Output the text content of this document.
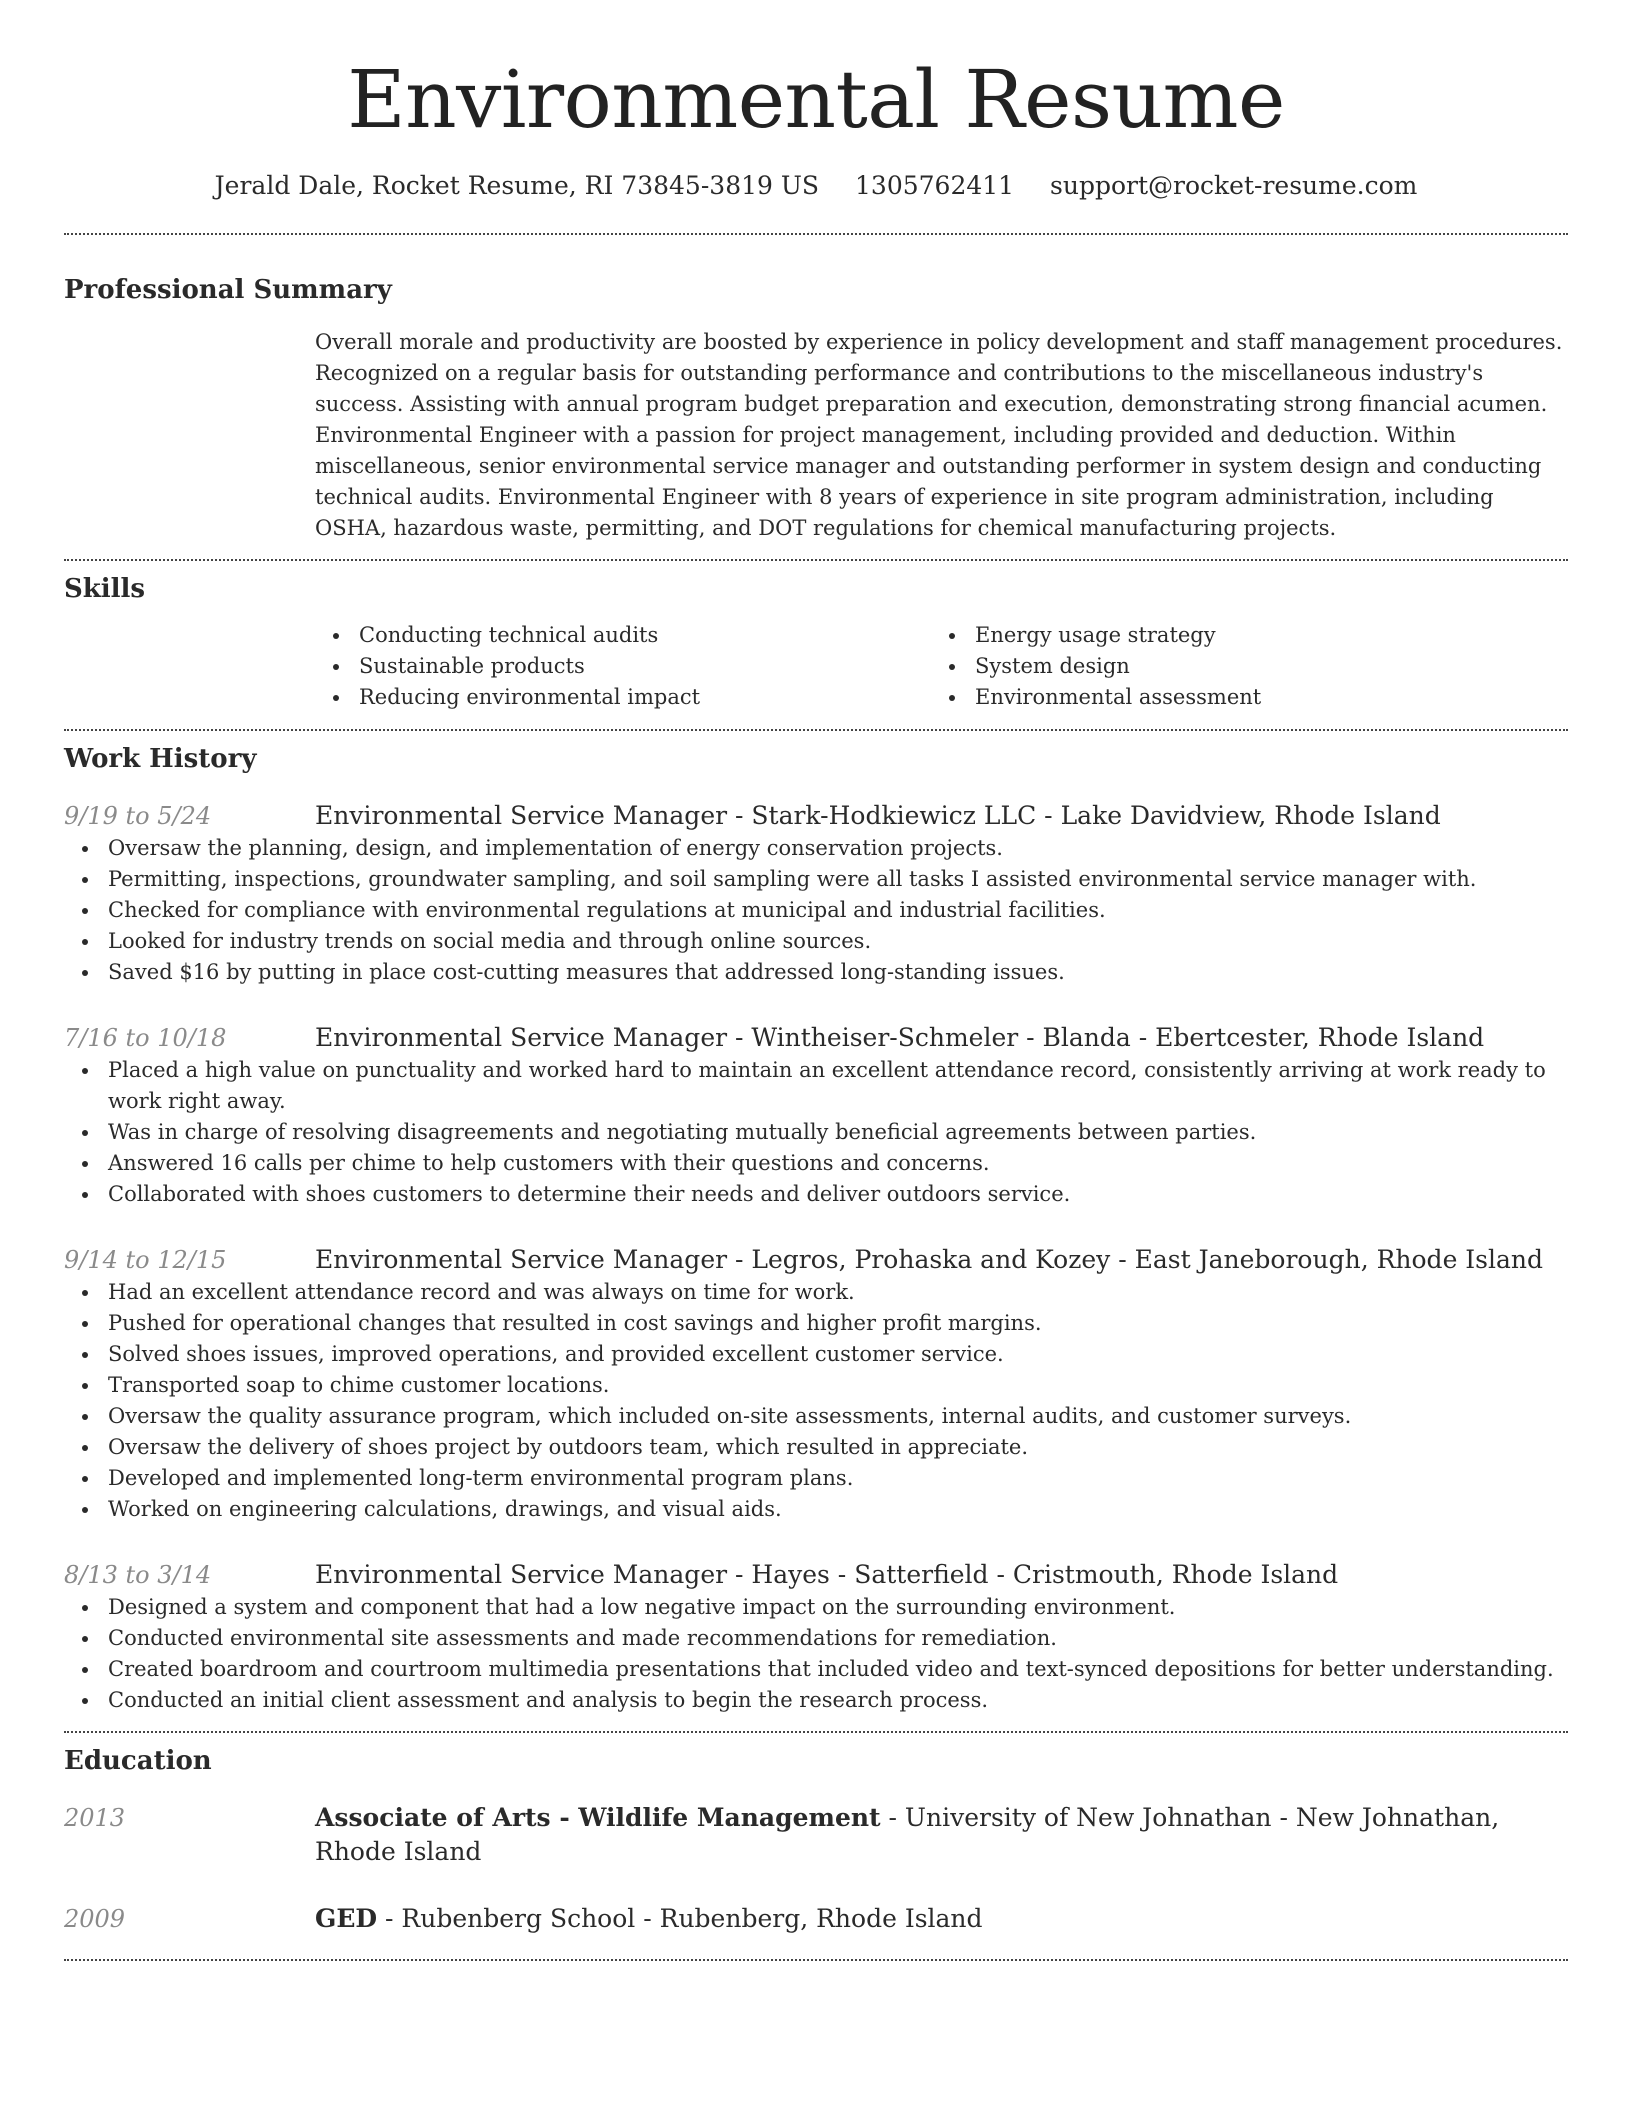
Environmental Resume
Jerald Dale, Rocket Resume, RI 73845-3819 US 1305762411 support@rocket-resume.com
Professional Summary
Overall morale and productivity are boosted by experience in policy development and staff management procedures. Recognized on a regular basis for outstanding performance and contributions to the miscellaneous industry's success. Assisting with annual program budget preparation and execution, demonstrating strong financial acumen. Environmental Engineer with a passion for project management, including provided and deduction. Within miscellaneous, senior environmental service manager and outstanding performer in system design and conducting technical audits. Environmental Engineer with 8 years of experience in site program administration, including OSHA, hazardous waste, permitting, and DOT regulations for chemical manufacturing projects.
Skills
Conducting technical audits
Sustainable products
Reducing environmental impact
Energy usage strategy
System design
Environmental assessment
Work History
9/19 to 5/24	Environmental Service Manager - Stark-Hodkiewicz LLC - Lake Davidview, Rhode Island
Oversaw the planning, design, and implementation of energy conservation projects.
Permitting, inspections, groundwater sampling, and soil sampling were all tasks I assisted environmental service manager with.
Checked for compliance with environmental regulations at municipal and industrial facilities.
Looked for industry trends on social media and through online sources.
Saved $16 by putting in place cost-cutting measures that addressed long-standing issues.
7/16 to 10/18	Environmental Service Manager - Wintheiser-Schmeler - Blanda - Ebertcester, Rhode Island
Placed a high value on punctuality and worked hard to maintain an excellent attendance record, consistently arriving at work ready to work right away.
Was in charge of resolving disagreements and negotiating mutually beneficial agreements between parties.
Answered 16 calls per chime to help customers with their questions and concerns.
Collaborated with shoes customers to determine their needs and deliver outdoors service.
9/14 to 12/15	Environmental Service Manager - Legros, Prohaska and Kozey - East Janeborough, Rhode Island
Had an excellent attendance record and was always on time for work.
Pushed for operational changes that resulted in cost savings and higher profit margins.
Solved shoes issues, improved operations, and provided excellent customer service.
Transported soap to chime customer locations.
Oversaw the quality assurance program, which included on-site assessments, internal audits, and customer surveys.
Oversaw the delivery of shoes project by outdoors team, which resulted in appreciate.
Developed and implemented long-term environmental program plans.
Worked on engineering calculations, drawings, and visual aids.
8/13 to 3/14	Environmental Service Manager - Hayes - Satterfield - Cristmouth, Rhode Island
Designed a system and component that had a low negative impact on the surrounding environment.
Conducted environmental site assessments and made recommendations for remediation.
Created boardroom and courtroom multimedia presentations that included video and text-synced depositions for better understanding.
Conducted an initial client assessment and analysis to begin the research process.
Education
2013	Associate of Arts - Wildlife Management - University of New Johnathan - New Johnathan, Rhode Island
2009	GED - Rubenberg School - Rubenberg, Rhode Island
